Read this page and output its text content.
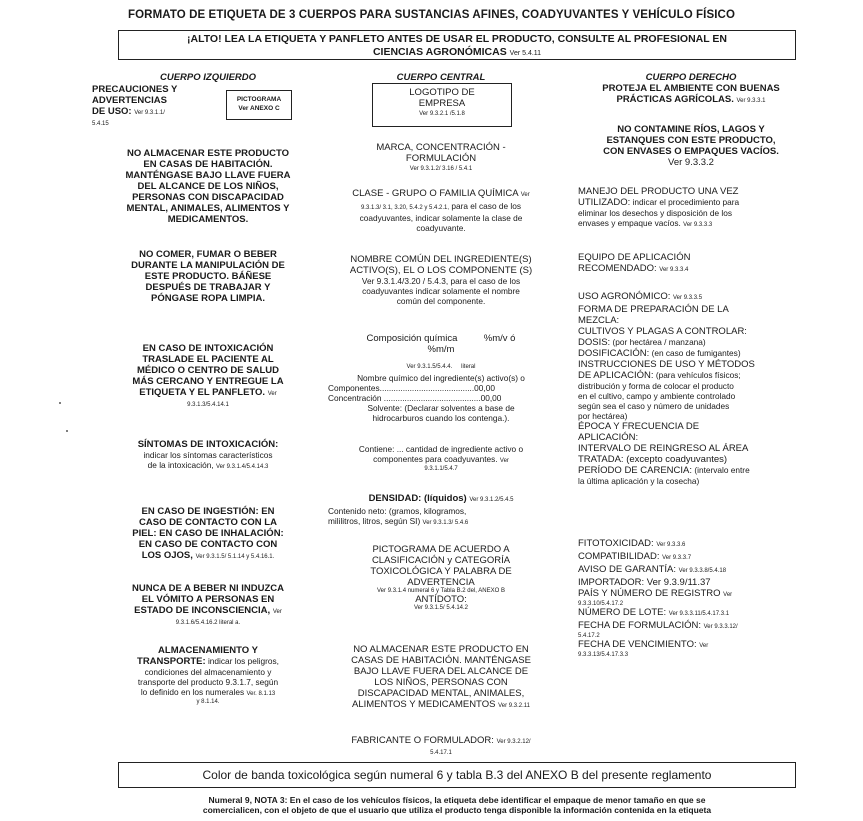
FORMATO DE ETIQUETA DE 3 CUERPOS PARA SUSTANCIAS AFINES, COADYUVANTES Y VEHÍCULO FÍSICO
¡ALTO! LEA LA ETIQUETA Y PANFLETO ANTES DE USAR EL PRODUCTO, CONSULTE AL PROFESIONAL EN
CIENCIAS AGRONÓMICAS Ver 5.4.11
CUERPO IZQUIERDO
PRECAUCIONES Y
ADVERTENCIAS
DE USO: Ver 9.3.1.1/
5.4.15
PICTOGRAMA
Ver ANEXO C
NO ALMACENAR ESTE PRODUCTO
EN CASAS DE HABITACIÓN.
MANTÉNGASE BAJO LLAVE FUERA
DEL ALCANCE DE LOS NIÑOS,
PERSONAS CON DISCAPACIDAD
MENTAL, ANIMALES, ALIMENTOS Y
MEDICAMENTOS.
NO COMER, FUMAR O BEBER
DURANTE LA MANIPULACIÓN DE
ESTE PRODUCTO. BÁÑESE
DESPUÉS DE TRABAJAR Y
PÓNGASE ROPA LIMPIA.
EN CASO DE INTOXICACIÓN
TRASLADE EL PACIENTE AL
MÉDICO O CENTRO DE SALUD
MÁS CERCANO Y ENTREGUE LA
ETIQUETA Y EL PANFLETO. Ver
9.3.1.3/5.4.14.1
SÍNTOMAS DE INTOXICACIÓN:
indicar los síntomas característicos
de la intoxicación, Ver 9.3.1.4/5.4.14.3
EN CASO DE INGESTIÓN: EN
CASO DE CONTACTO CON LA
PIEL: EN CASO DE INHALACIÓN:
EN CASO DE CONTACTO CON
LOS OJOS, Ver 9.3.1.5/ 5.1.14 y 5.4.16.1.
NUNCA DE A BEBER NI INDUZCA
EL VÓMITO A PERSONAS EN
ESTADO DE INCONSCIENCIA, Ver
9.3.1.6/5.4.16.2 literal a.
ALMACENAMIENTO Y
TRANSPORTE: indicar los peligros,
condiciones del almacenamiento y
transporte del producto 9.3.1.7, según
lo definido en los numerales Ver. 8.1.13
y 8.1.14.
CUERPO CENTRAL
LOGOTIPO DE
EMPRESA
Ver 9.3.2.1 /5.1.8
MARCA, CONCENTRACIÓN -
FORMULACIÓN
Ver 9.3.1.2/ 3.16 / 5.4.1
CLASE - GRUPO O FAMILIA QUÍMICA Ver
9.3.1.3/ 3.1, 3.20, 5.4.2 y 5.4.2.1, para el caso de los
coadyuvantes, indicar solamente la clase de
coadyuvante.
NOMBRE COMÚN DEL INGREDIENTE(S)
ACTIVO(S), EL O LOS COMPONENTE (S)
Ver 9.3.1.4/3.20 / 5.4.3, para el caso de los
coadyuvantes indicar solamente el nombre
común del componente.
Composición química	%m/v ó
%m/m
Ver 9.3.1.5/5.4.4. literal
Nombre químico del ingrediente(s) activo(s) o
Componentes.........................................00,00
Concentración ..........................................00,00
Solvente: (Declarar solventes a base de
hidrocarburos cuando los contenga.).
Contiene: ... cantidad de ingrediente activo o
componentes para coadyuvantes. Ver
9.3.1.1/5.4.7
DENSIDAD: (líquidos) Ver 9.3.1.2/5.4.5
Contenido neto: (gramos, kilogramos,
mililitros, litros, según SI) Ver 9.3.1.3/ 5.4.6
PICTOGRAMA DE ACUERDO A
CLASIFICACIÓN y CATEGORÍA
TOXICOLÓGICA Y PALABRA DE
ADVERTENCIA
Ver 9.3.1.4 numeral 6 y Tabla B.2 del, ANEXO B
ANTÍDOTO:
Ver 9.3.1.5/ 5.4.14.2
NO ALMACENAR ESTE PRODUCTO EN
CASAS DE HABITACIÓN. MANTÉNGASE
BAJO LLAVE FUERA DEL ALCANCE DE
LOS NIÑOS, PERSONAS CON
DISCAPACIDAD MENTAL, ANIMALES,
ALIMENTOS Y MEDICAMENTOS Ver 9.3.2.11
FABRICANTE O FORMULADOR: Ver 9.3.2.12/
5.4.17.1
CUERPO DERECHO
PROTEJA EL AMBIENTE CON BUENAS
PRÁCTICAS AGRÍCOLAS. Ver 9.3.3.1
NO CONTAMINE RÍOS, LAGOS Y
ESTANQUES CON ESTE PRODUCTO,
CON ENVASES O EMPAQUES VACÍOS.
Ver 9.3.3.2
MANEJO DEL PRODUCTO UNA VEZ
UTILIZADO: indicar el procedimiento para
eliminar los desechos y disposición de los
envases y empaque vacíos. Ver 9.3.3.3
EQUIPO DE APLICACIÓN
RECOMENDADO: Ver 9.3.3.4
USO AGRONÓMICO: Ver 9.3.3.5
FORMA DE PREPARACIÓN DE LA
MEZCLA:
CULTIVOS Y PLAGAS A CONTROLAR:
DOSIS: (por hectárea / manzana)
DOSIFICACIÓN: (en caso de fumigantes)
INSTRUCCIONES DE USO Y MÉTODOS
DE APLICACIÓN: (para vehículos físicos;
distribución y forma de colocar el producto
en el cultivo, campo y ambiente controlado
según sea el caso y número de unidades
por hectárea)
ÉPOCA Y FRECUENCIA DE
APLICACIÓN:
INTERVALO DE REINGRESO AL ÁREA
TRATADA: (excepto coadyuvantes)
PERÍODO DE CARENCIA: (intervalo entre
la última aplicación y la cosecha)
FITOTOXICIDAD: Ver 9.3.3.6
COMPATIBILIDAD: Ver 9.3.3.7
AVISO DE GARANTÍA: Ver 9.3.3.8/5.4.18
IMPORTADOR: Ver 9.3.9/11.37
PAÍS Y NÚMERO DE REGISTRO Ver
9.3.3.10/5.4.17.2
NÚMERO DE LOTE: Ver 9.3.3.11/5.4.17.3.1
FECHA DE FORMULACIÓN: Ver 9.3.3.12/
5.4.17.2
FECHA DE VENCIMIENTO: Ver
9.3.3.13/5.4.17.3.3
Color de banda toxicológica según numeral 6 y tabla B.3 del ANEXO B del presente reglamento
Numeral 9, NOTA 3: En el caso de los vehículos físicos, la etiqueta debe identificar el empaque de menor tamaño en que se
comercialicen, con el objeto de que el usuario que utiliza el producto tenga disponible la información contenida en la etiqueta
